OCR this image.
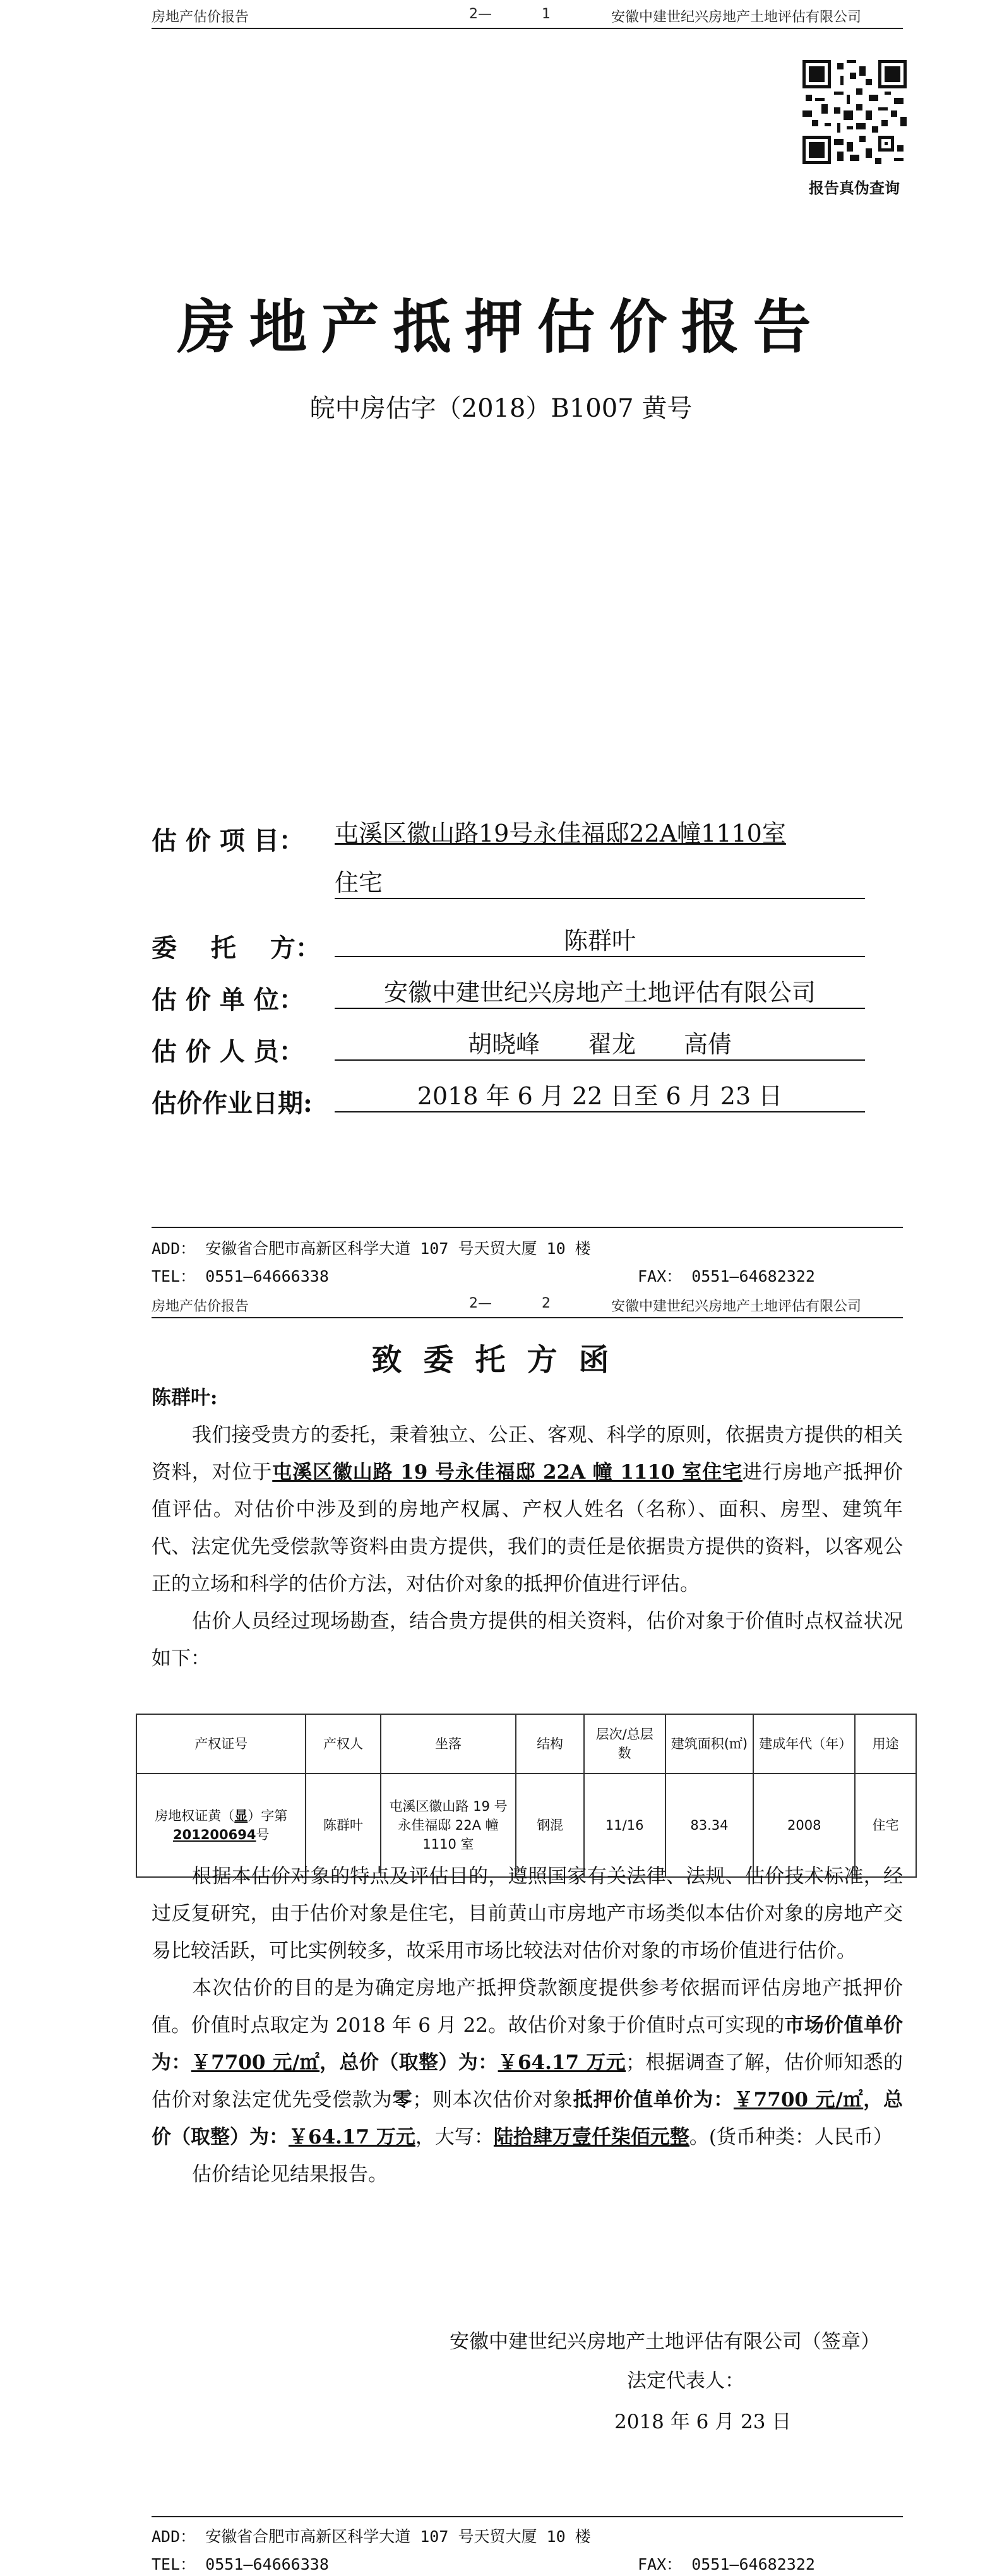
房地产估价报告	2—	1	安徽中建世纪兴房地产土地评估有限公司
报告真伪查询
房地产抵押估价报告
皖中房估字（2018）B1007 黄号
估 价 项 目： 屯溪区徽山路19号永佳福邸22A幢1110室
住宅
委　 托　 方：	陈群叶
估 价 单 位：	安徽中建世纪兴房地产土地评估有限公司
估 价 人 员：	胡晓峰　　翟龙　　高倩
估价作业日期:	2018 年 6 月 22 日至 6 月 23 日
ADD： 安徽省合肥市高新区科学大道 107 号天贸大厦 10 楼
TEL： 0551—64666338	FAX： 0551—64682322
房地产估价报告	2—	2	安徽中建世纪兴房地产土地评估有限公司
致委托方函
陈群叶:

我们接受贵方的委托，秉着独立、公正、客观、科学的原则，依据贵方提供的相关资料，对位于屯溪区徽山路 19 号永佳福邸 22A 幢 1110 室住宅进行房地产抵押价值评估。对估价中涉及到的房地产权属、产权人姓名（名称）、面积、房型、建筑年代、法定优先受偿款等资料由贵方提供，我们的责任是依据贵方提供的资料，以客观公正的立场和科学的估价方法，对估价对象的抵押价值进行评估。

估价人员经过现场勘查，结合贵方提供的相关资料，估价对象于价值时点权益状况如下：

产权证号	产权人	坐落	结构	层次/总层数	建筑面积(㎡)	建成年代（年）	用途
房地权证黄（显）字第
201200694号	陈群叶	屯溪区徽山路 19 号永佳福邸 22A 幢 1110 室	钢混	11/16	83.34	2008	住宅

根据本估价对象的特点及评估目的，遵照国家有关法律、法规、估价技术标准，经过反复研究，由于估价对象是住宅，目前黄山市房地产市场类似本估价对象的房地产交易比较活跃，可比实例较多，故采用市场比较法对估价对象的市场价值进行估价。

本次估价的目的是为确定房地产抵押贷款额度提供参考依据而评估房地产抵押价值。价值时点取定为 2018 年 6 月 22。故估价对象于价值时点可实现的市场价值单价为：￥7700 元/㎡，总价（取整）为：￥64.17 万元；根据调查了解，估价师知悉的估价对象法定优先受偿款为零；则本次估价对象抵押价值单价为：￥7700 元/㎡，总价（取整）为：￥64.17 万元，大写：陆拾肆万壹仟柒佰元整。(货币种类：人民币）

估价结论见结果报告。

安徽中建世纪兴房地产土地评估有限公司（签章）
法定代表人：
2018 年 6 月 23 日
ADD： 安徽省合肥市高新区科学大道 107 号天贸大厦 10 楼
TEL： 0551—64666338	FAX： 0551—64682322
